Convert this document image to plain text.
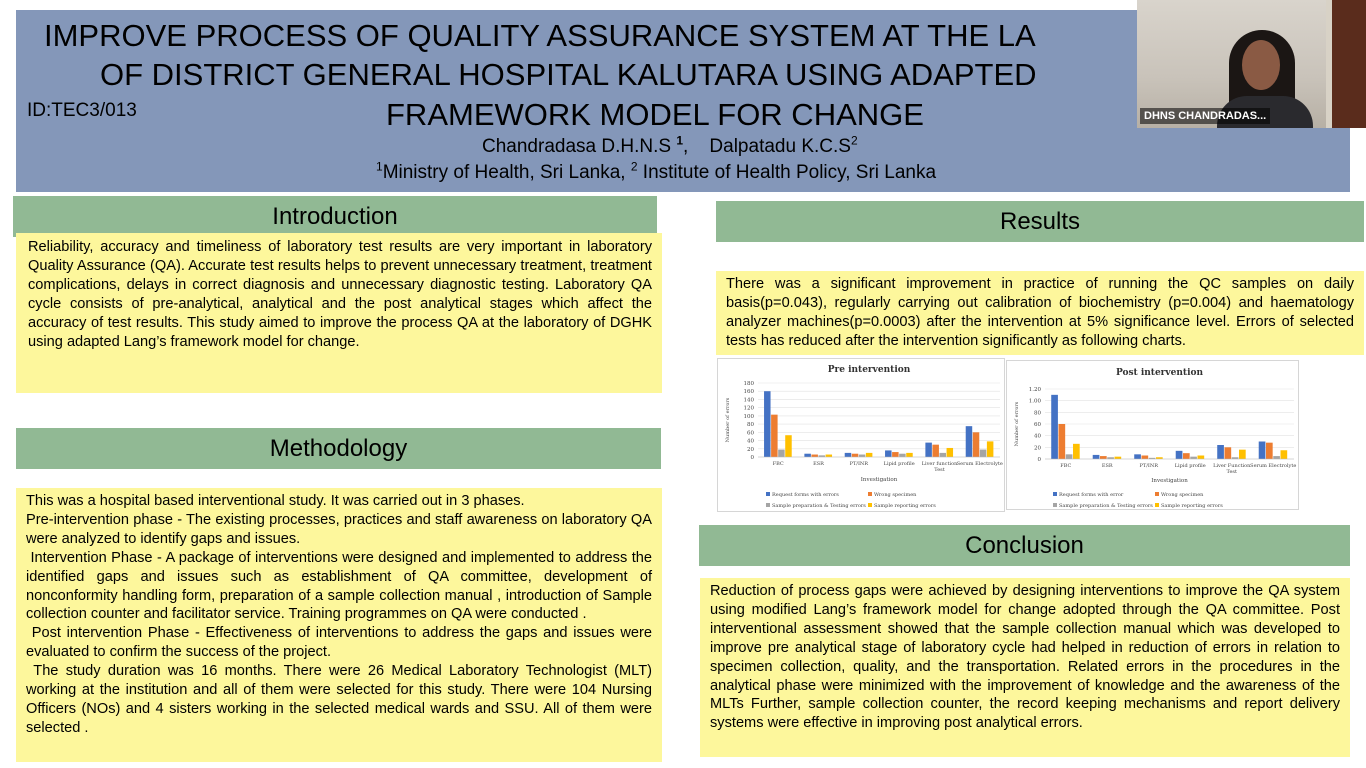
IMPROVE PROCESS OF QUALITY ASSURANCE SYSTEM AT THE LA
OF DISTRICT GENERAL HOSPITAL KALUTARA USING ADAPTED
FRAMEWORK MODEL FOR CHANGE
ID:TEC3/013
Chandradasa D.H.N.S $^1$,    Dalpatadu $K.C.S^2$
$^1$Ministry of Health, Sri Lanka, $^2$ Institute of Health Policy, Sri Lanka
DHNS CHANDRADAS...
Introduction

Reliability, accuracy and timeliness of laboratory test results are very important in laboratory Quality Assurance (QA). Accurate test results helps to prevent unnecessary treatment, treatment complications, delays in correct diagnosis and unnecessary diagnostic testing. Laboratory QA cycle consists of pre-analytical, analytical and the post analytical stages which affect the accuracy of test results. This study aimed to improve the process QA at the laboratory of DGHK using adapted Lang’s framework model for change.

Methodology

This was a hospital based interventional study. It was carried out in 3 phases.

Pre-intervention phase - The existing processes, practices and staff awareness on laboratory QA were analyzed to identify gaps and issues.

Intervention Phase - A package of interventions were designed and implemented to address the identified gaps and issues such as establishment of QA committee, development of nonconformity handling form, preparation of a sample collection manual , introduction of Sample collection counter and facilitator service. Training programmes on QA were conducted .

Post intervention Phase - Effectiveness of interventions to address the gaps and issues were evaluated to confirm the success of the project.

The study duration was 16 months. There were 26 Medical Laboratory Technologist (MLT) working at the institution and all of them were selected for this study. There were 104 Nursing Officers (NOs) and 4 sisters working in the selected medical wards and SSU. All of them were selected .

Results

There was a significant improvement in practice of running the QC samples on daily basis(p=0.043), regularly carrying out calibration of biochemistry (p=0.004) and haematology analyzer machines(p=0.0003) after the intervention at 5% significance level. Errors of selected tests has reduced after the intervention significantly as following charts.

Pre intervention
0
20
40
60
80
100
120
140
160
180
Number of errors
FBC	ESR	PT/INR	Lipid profile Liver function
Test
Serum Electrolyte
Investigation
Request forms with errors	Wrong specimen
Sample preparation & Testing errors Sample reporting errors
Post intervention
0
20
40
60
80
1.00
1.20
Number of errors
FBC	ESR	PT/INR	Lipid profile Liver Function
Test
Serum Electrolyte
Investigation
Request forms with error	Wrong specimen
Sample preparation & Testing errors Sample reporting errors
Conclusion

Reduction of process gaps were achieved by designing interventions to improve the QA system using modified Lang’s framework model for change adopted through the QA committee. Post interventional assessment showed that the sample collection manual which was developed to improve pre analytical stage of laboratory cycle had helped in reduction of errors in relation to specimen collection, quality, and the transportation. Related errors in the procedures in the analytical phase were minimized with the improvement of knowledge and the awareness of the MLTs Further, sample collection counter, the record keeping mechanisms and report delivery systems were effective in improving post analytical errors.
